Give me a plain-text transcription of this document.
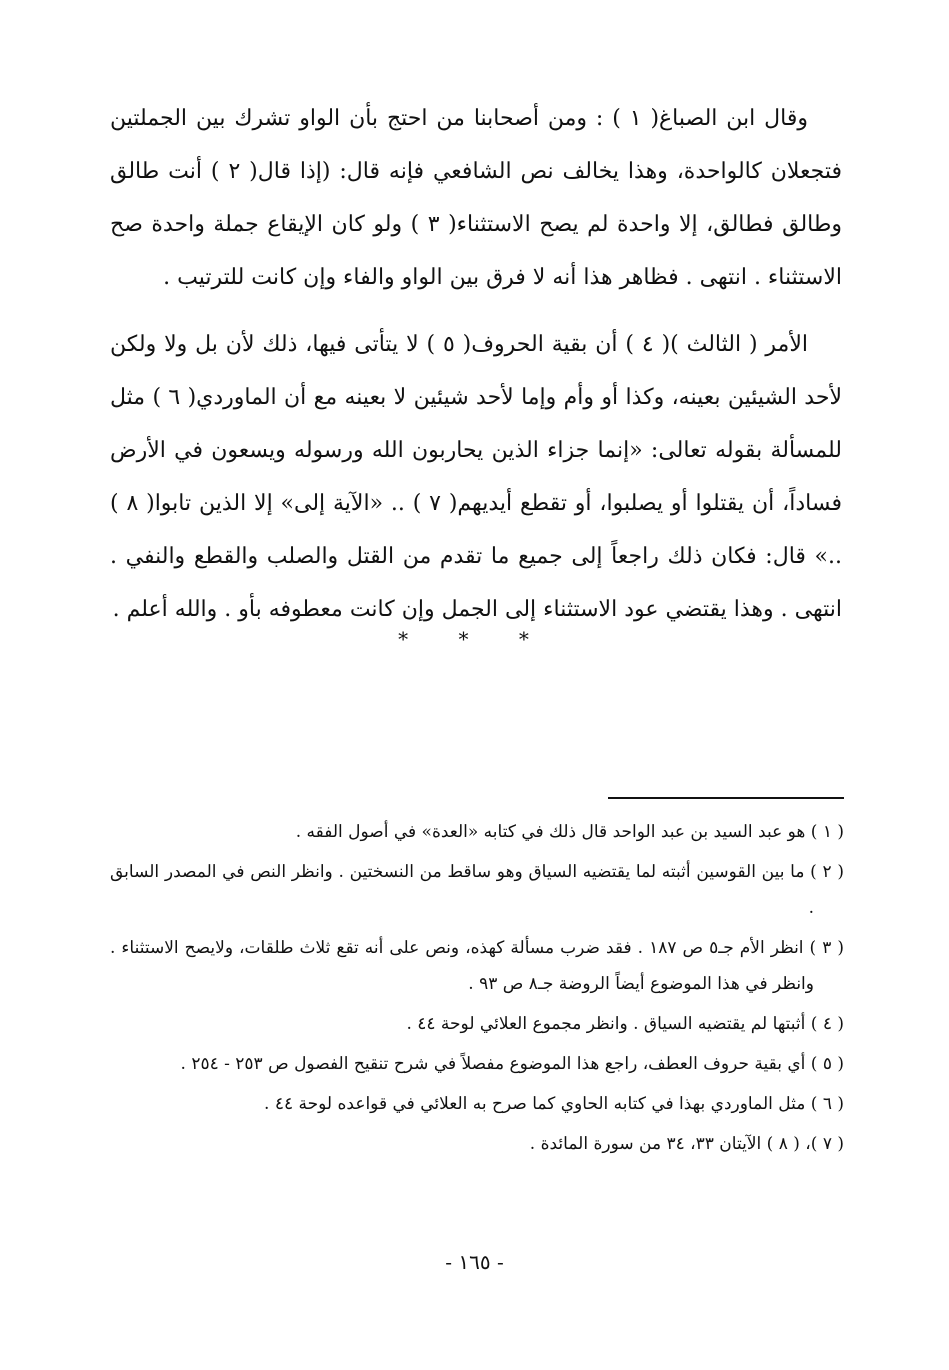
وقال ابن الصباغ( ١ ) : ومن أصحابنا من احتج بأن الواو تشرك بين الجملتين فتجعلان كالواحدة، وهذا يخالف نص الشافعي فإنه قال: (إذا قال( ٢ ) أنت طالق وطالق فطالق، إلا واحدة لم يصح الاستثناء( ٣ ) ولو كان الإيقاع جملة واحدة صح الاستثناء . انتهى . فظاهر هذا أنه لا فرق بين الواو والفاء وإن كانت للترتيب .

الأمر ( الثالث )( ٤ ) أن بقية الحروف( ٥ ) لا يتأتى فيها، ذلك لأن بل ولا ولكن لأحد الشيئين بعينه، وكذا أو وأم وإما لأحد شيئين لا بعينه مع أن الماوردي( ٦ ) مثل للمسألة بقوله تعالى: «إنما جزاء الذين يحاربون الله ورسوله ويسعون في الأرض فساداً، أن يقتلوا أو يصلبوا، أو تقطع أيديهم( ٧ ) .. «الآية إلى» إلا الذين تابوا( ٨ ) ..» قال: فكان ذلك راجعاً إلى جميع ما تقدم من القتل والصلب والقطع والنفي . انتهى . وهذا يقتضي عود الاستثناء إلى الجمل وإن كانت معطوفه بأو . والله أعلم .

* * *

( ١ ) هو عبد السيد بن عبد الواحد قال ذلك في كتابه «العدة» في أصول الفقه .

( ٢ ) ما بين القوسين أثبته لما يقتضيه السياق وهو ساقط من النسختين . وانظر النص في المصدر السابق .

( ٣ ) انظر الأم جـ٥ ص ١٨٧ . فقد ضرب مسألة كهذه، ونص على أنه تقع ثلاث طلقات، ولايصح الاستثناء . وانظر في هذا الموضوع أيضاً الروضة جـ٨ ص ٩٣ .

( ٤ ) أثبتها لم يقتضيه السياق . وانظر مجموع العلائي لوحة ٤٤ .

( ٥ ) أي بقية حروف العطف، راجع هذا الموضوع مفصلاً في شرح تنقيح الفصول ص ٢٥٣ - ٢٥٤ .

( ٦ ) مثل الماوردي بهذا في كتابه الحاوي كما صرح به العلائي في قواعده لوحة ٤٤ .

( ٧ )، ( ٨ ) الآيتان ٣٣، ٣٤ من سورة المائدة .

- ١٦٥ -
